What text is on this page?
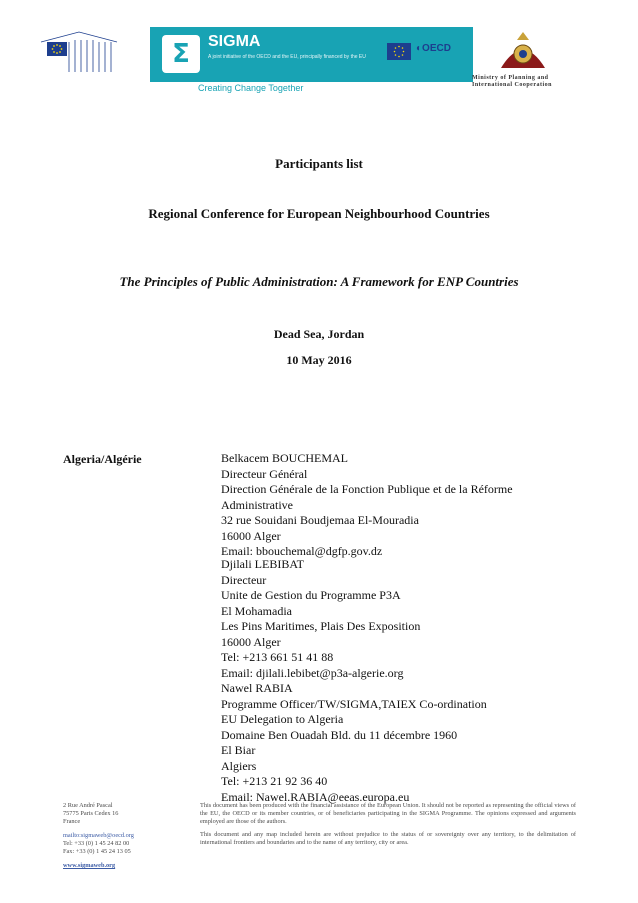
Σ	SIGMA
A joint initiative of the OECD and the EU, principally financed by the EU
◐OECD
Creating Change Together
Ministry of Planning and International Cooperation
Participants list
Regional Conference for European Neighbourhood Countries
The Principles of Public Administration: A Framework for ENP Countries
Dead Sea, Jordan
10 May 2016
Algeria/Algérie	Belkacem BOUCHEMAL
Directeur Général
Direction Générale de la Fonction Publique et de la Réforme
Administrative
32 rue Souidani Boudjemaa El-Mouradia
16000 Alger
Email: bbouchemal@dgfp.gov.dz
Djilali LEBIBAT
Directeur
Unite de Gestion du Programme P3A
El Mohamadia
Les Pins Maritimes, Plais Des Exposition
16000 Alger
Tel: +213 661 51 41 88
Email: djilali.lebibet@p3a-algerie.org
Nawel RABIA
Programme Officer/TW/SIGMA,TAIEX Co-ordination
EU Delegation to Algeria
Domaine Ben Ouadah Bld. du 11 décembre 1960
El Biar
Algiers
Tel: +213 21 92 36 40
Email: Nawel.RABIA@eeas.europa.eu
2 Rue André Pascal
75775 Paris Cedex 16
France
mailto:sigmaweb@oecd.org
Tel: +33 (0) 1 45 24 82 00
Fax: +33 (0) 1 45 24 13 05
www.sigmaweb.org

This document has been produced with the financial assistance of the European Union. It should not be reported as representing the official views of the EU, the OECD or its member countries, or of beneficiaries participating in the SIGMA Programme. The opinions expressed and arguments employed are those of the authors.

This document and any map included herein are without prejudice to the status of or sovereignty over any territory, to the delimitation of international frontiers and boundaries and to the name of any territory, city or area.
